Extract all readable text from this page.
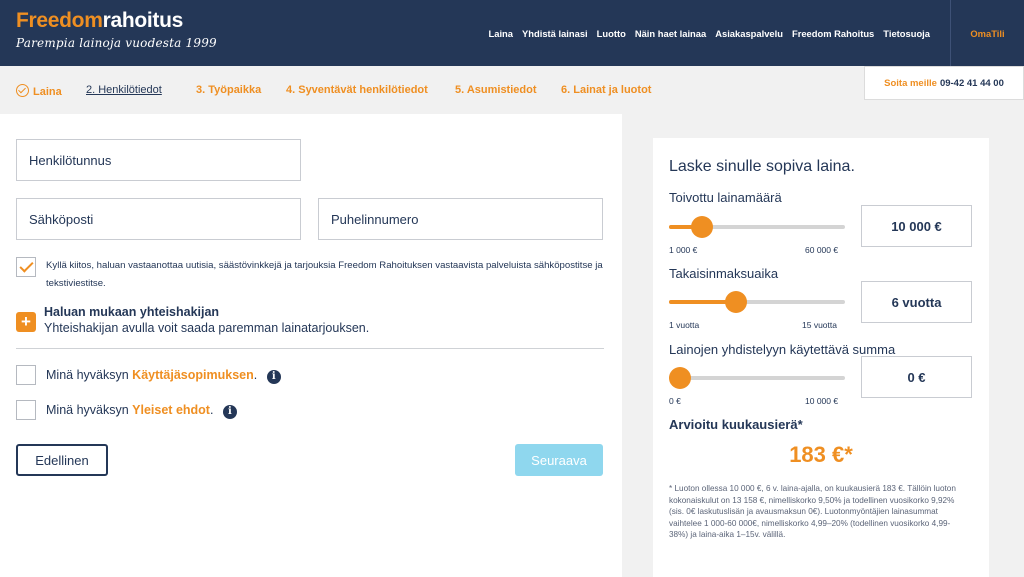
Freedomrahoitus
Parempia lainoja vuodesta 1999
Laina Yhdistä lainasi Luotto Näin haet lainaa Asiakaspalvelu Freedom Rahoitus Tietosuoja	OmaTili
Laina 2. Henkilötiedot	3. Työpaikka 4. Syventävät henkilötiedot 5. Asumistiedot 6. Lainat ja luotot
Soita meille 09-42 41 44 00
Henkilötunnus
Sähköposti
Puhelinnumero
Kyllä kiitos, haluan vastaanottaa uutisia, säästövinkkejä ja tarjouksia Freedom Rahoituksen vastaavista palveluista sähköpostitse ja tekstiviestitse.
+	Haluan mukaan yhteishakijan
Yhteishakijan avulla voit saada paremman lainatarjouksen.
Minä hyväksyn Käyttäjäsopimuksen. i
Minä hyväksyn Yleiset ehdot. i
Edellinen	Seuraava
Laske sinulle sopiva laina.
Toivottu lainamäärä
1 000 €	60 000 €
10 000 €
Takaisinmaksuaika
1 vuotta	15 vuotta
6 vuotta
Lainojen yhdistelyyn käytettävä summa
0 €	10 000 €
0 €
Arvioitu kuukausierä*
183 €*
* Luoton ollessa 10 000 €, 6 v. laina-ajalla, on kuukausierä 183 €. Tällöin luoton kokonaiskulut on 13 158 €, nimelliskorko 9,50% ja todellinen vuosikorko 9,92% (sis. 0€ laskutuslisän ja avausmaksun 0€). Luotonmyöntäjien lainasummat vaihtelee 1 000-60 000€, nimelliskorko 4,99–20% (todellinen vuosikorko 4,99-38%) ja laina-aika 1–15v. välillä.
